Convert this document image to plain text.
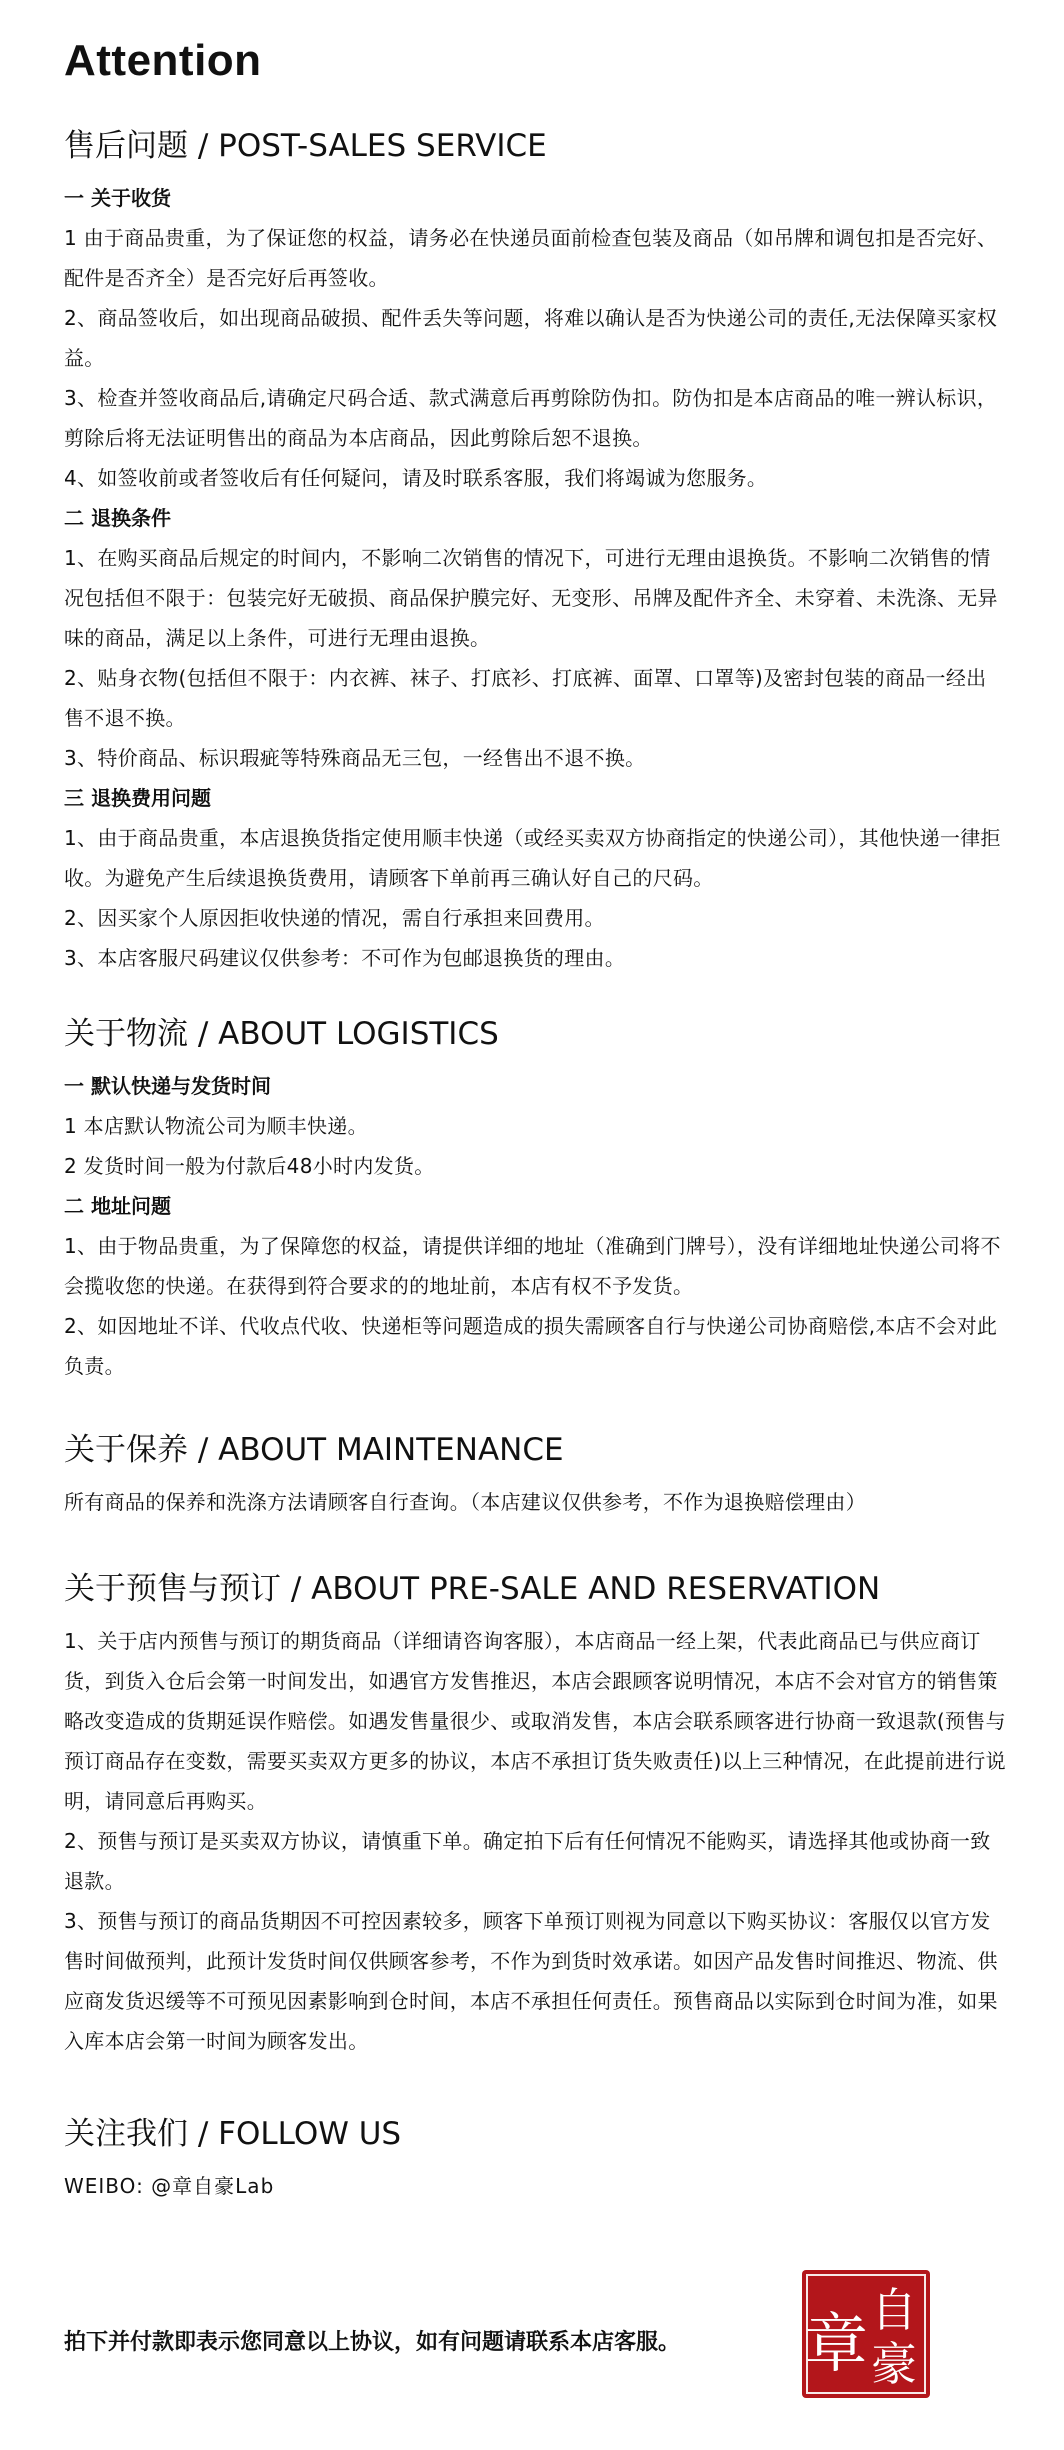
Attention
售后问题 / POST-SALES SERVICE

一 关于收货

1 由于商品贵重，为了保证您的权益，请务必在快递员面前检查包装及商品（如吊牌和调包扣是否完好、配件是否齐全）是否完好后再签收。

2、商品签收后，如出现商品破损、配件丢失等问题，将难以确认是否为快递公司的责任,无法保障买家权益。

3、检查并签收商品后,请确定尺码合适、款式满意后再剪除防伪扣。防伪扣是本店商品的唯一辨认标识，剪除后将无法证明售出的商品为本店商品，因此剪除后恕不退换。

4、如签收前或者签收后有任何疑问，请及时联系客服，我们将竭诚为您服务。

二 退换条件

1、在购买商品后规定的时间内，不影响二次销售的情况下，可进行无理由退换货。不影响二次销售的情况包括但不限于：包装完好无破损、商品保护膜完好、无变形、吊牌及配件齐全、未穿着、未洗涤、无异味的商品，满足以上条件，可进行无理由退换。

2、贴身衣物(包括但不限于：内衣裤、袜子、打底衫、打底裤、面罩、口罩等)及密封包装的商品一经出售不退不换。

3、特价商品、标识瑕疵等特殊商品无三包，一经售出不退不换。

三 退换费用问题

1、由于商品贵重，本店退换货指定使用顺丰快递（或经买卖双方协商指定的快递公司），其他快递一律拒收。为避免产生后续退换货费用，请顾客下单前再三确认好自己的尺码。

2、因买家个人原因拒收快递的情况，需自行承担来回费用。

3、本店客服尺码建议仅供参考：不可作为包邮退换货的理由。

关于物流 / ABOUT LOGISTICS

一 默认快递与发货时间

1 本店默认物流公司为顺丰快递。

2 发货时间一般为付款后48小时内发货。

二 地址问题

1、由于物品贵重，为了保障您的权益，请提供详细的地址（准确到门牌号），没有详细地址快递公司将不会揽收您的快递。在获得到符合要求的的地址前，本店有权不予发货。

2、如因地址不详、代收点代收、快递柜等问题造成的损失需顾客自行与快递公司协商赔偿,本店不会对此负责。

关于保养 / ABOUT MAINTENANCE

所有商品的保养和洗涤方法请顾客自行查询。（本店建议仅供参考，不作为退换赔偿理由）

关于预售与预订 / ABOUT PRE-SALE AND RESERVATION

1、关于店内预售与预订的期货商品（详细请咨询客服），本店商品一经上架，代表此商品已与供应商订货，到货入仓后会第一时间发出，如遇官方发售推迟，本店会跟顾客说明情况，本店不会对官方的销售策略改变造成的货期延误作赔偿。如遇发售量很少、或取消发售，本店会联系顾客进行协商一致退款(预售与预订商品存在变数，需要买卖双方更多的协议，本店不承担订货失败责任)以上三种情况，在此提前进行说明，请同意后再购买。

2、预售与预订是买卖双方协议，请慎重下单。确定拍下后有任何情况不能购买，请选择其他或协商一致退款。

3、预售与预订的商品货期因不可控因素较多，顾客下单预订则视为同意以下购买协议：客服仅以官方发售时间做预判，此预计发货时间仅供顾客参考，不作为到货时效承诺。如因产品发售时间推迟、物流、供应商发货迟缓等不可预见因素影响到仓时间，本店不承担任何责任。预售商品以实际到仓时间为准，如果入库本店会第一时间为顾客发出。

关注我们 / FOLLOW US

WEIBO: @章自豪Lab

拍下并付款即表示您同意以上协议，如有问题请联系本店客服。 章 自
豪
